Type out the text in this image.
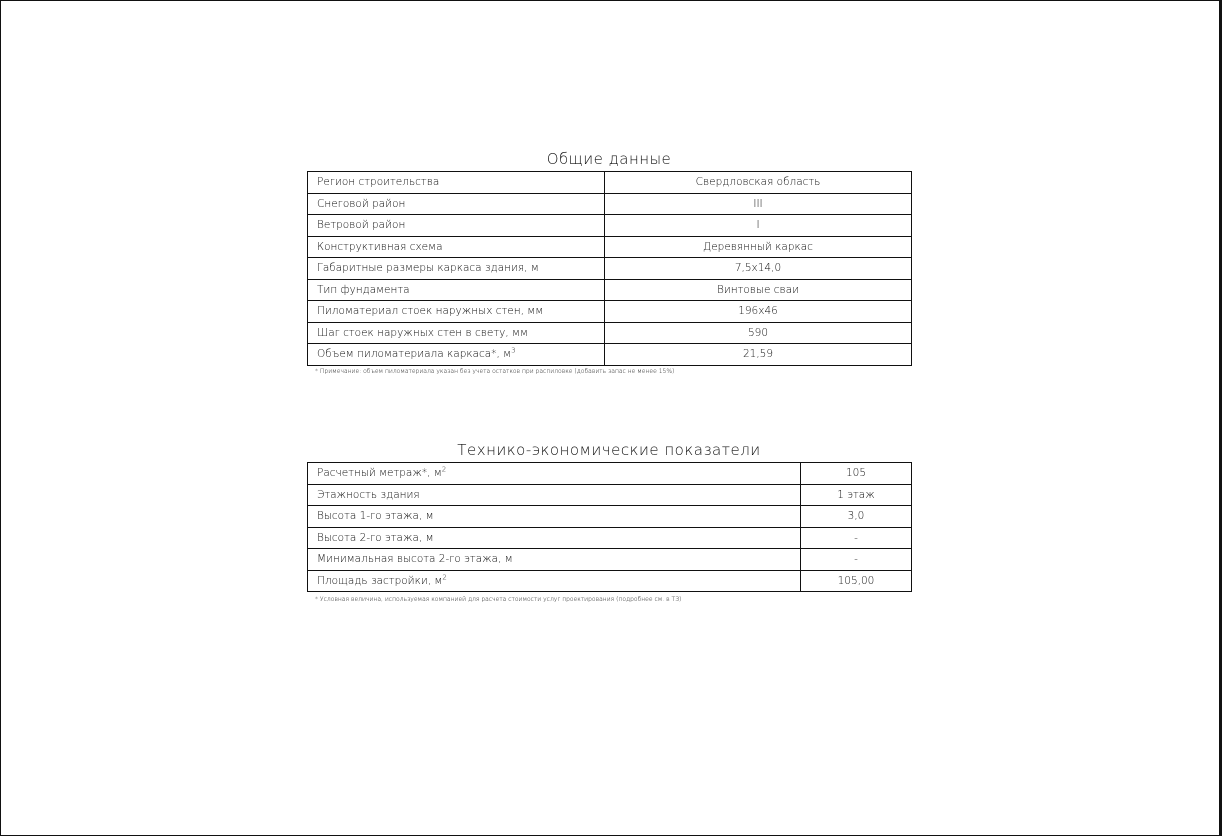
Общие данные
Регион строительства	Свердловская область
Снеговой район	III
Ветровой район	I
Конструктивная схема	Деревянный каркас
Габаритные размеры каркаса здания, м	7,5x14,0
Тип фундамента	Винтовые сваи
Пиломатериал стоек наружных стен, мм	196x46
Шаг стоек наружных стен в свету, мм	590
Объем пиломатериала каркаса*, $м^3$	21,59
* Примечание: объем пиломатериала указан без учета остатков при распиловке (добавить запас не менее 15%)
Технико-экономические показатели
Расчетный метраж*, $м^2$	105
Этажность здания	1 этаж
Высота 1-го этажа, м	3,0
Высота 2-го этажа, м	-
Минимальная высота 2-го этажа, м	-
Площадь застройки, $м^2$	105,00
* Условная величина, используемая компанией для расчета стоимости услуг проектирования (подробнее см. в ТЗ)
